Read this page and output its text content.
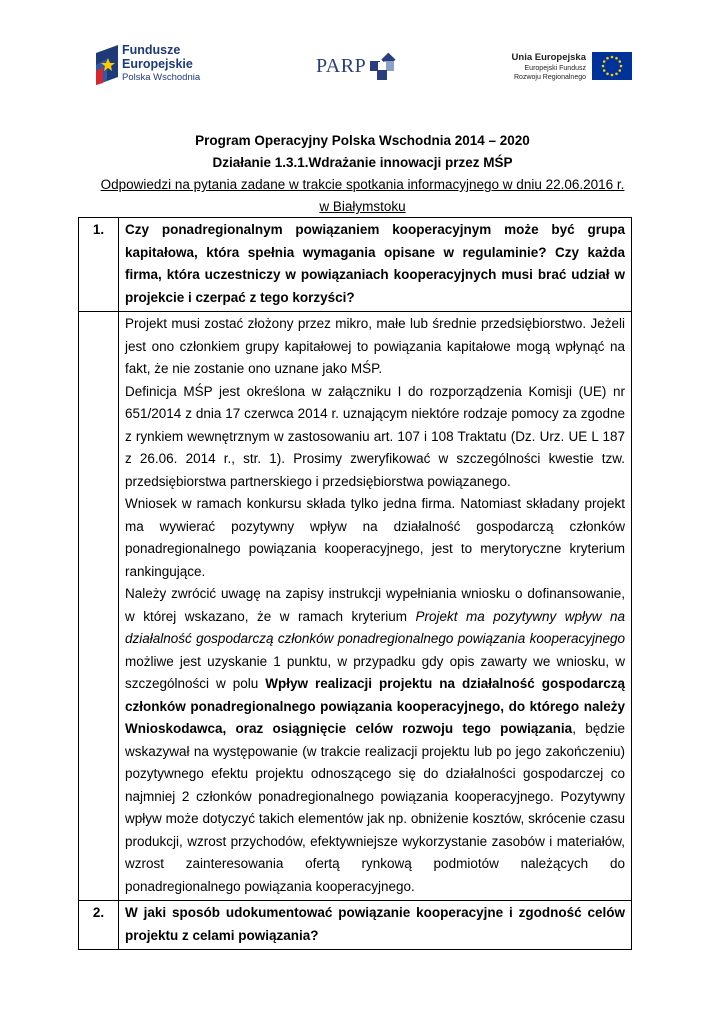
Fundusze
Europejskie
Polska Wschodnia
PARP	Unia Europejska
Europejski Fundusz
Rozwoju Regionalnego
Program Operacyjny Polska Wschodnia 2014 – 2020
Działanie 1.3.1.Wdrażanie innowacji przez MŚP
Odpowiedzi na pytania zadane w trakcie spotkania informacyjnego w dniu 22.06.2016 r.
w Białymstoku
1.	Czy ponadregionalnym powiązaniem kooperacyjnym może być grupa kapitałowa, która spełnia wymagania opisane w regulaminie? Czy każda firma, która uczestniczy w powiązaniach kooperacyjnych musi brać udział w projekcie i czerpać z tego korzyści?

	Projekt musi zostać złożony przez mikro, małe lub średnie przedsiębiorstwo. Jeżeli jest ono członkiem grupy kapitałowej to powiązania kapitałowe mogą wpłynąć na fakt, że nie zostanie ono uznane jako MŚP.

Definicja MŚP jest określona w załączniku I do rozporządzenia Komisji (UE) nr 651/2014 z dnia 17 czerwca 2014 r. uznającym niektóre rodzaje pomocy za zgodne z rynkiem wewnętrznym w zastosowaniu art. 107 i 108 Traktatu (Dz. Urz. UE L 187 z 26.06. 2014 r., str. 1). Prosimy zweryfikować w szczególności kwestie tzw. przedsiębiorstwa partnerskiego i przedsiębiorstwa powiązanego.

Wniosek w ramach konkursu składa tylko jedna firma. Natomiast składany projekt ma wywierać pozytywny wpływ na działalność gospodarczą członków ponadregionalnego powiązania kooperacyjnego, jest to merytoryczne kryterium rankingujące.

Należy zwrócić uwagę na zapisy instrukcji wypełniania wniosku o dofinansowanie, w której wskazano, że w ramach kryterium Projekt ma pozytywny wpływ na działalność gospodarczą członków ponadregionalnego powiązania kooperacyjnego możliwe jest uzyskanie 1 punktu, w przypadku gdy opis zawarty we wniosku, w szczególności w polu Wpływ realizacji projektu na działalność gospodarczą członków ponadregionalnego powiązania kooperacyjnego, do którego należy Wnioskodawca, oraz osiągnięcie celów rozwoju tego powiązania, będzie wskazywał na występowanie (w trakcie realizacji projektu lub po jego zakończeniu) pozytywnego efektu projektu odnoszącego się do działalności gospodarczej co najmniej 2 członków ponadregionalnego powiązania kooperacyjnego. Pozytywny wpływ może dotyczyć takich elementów jak np. obniżenie kosztów, skrócenie czasu produkcji, wzrost przychodów, efektywniejsze wykorzystanie zasobów i materiałów, wzrost zainteresowania ofertą rynkową podmiotów należących do ponadregionalnego powiązania kooperacyjnego.

2.	W jaki sposób udokumentować powiązanie kooperacyjne i zgodność celów projektu z celami powiązania?
